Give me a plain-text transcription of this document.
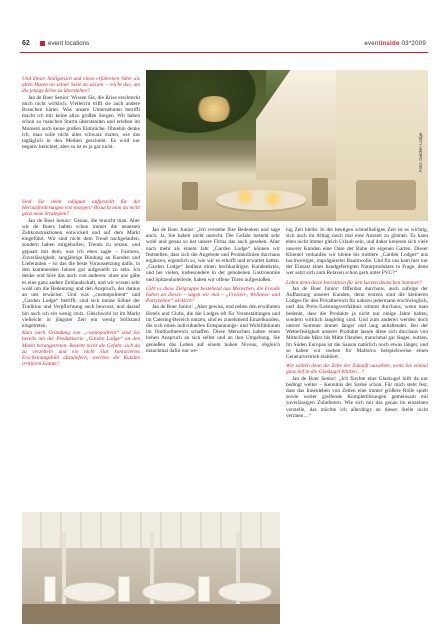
62	event locations	eventinside 03*2009
Und dieser Stallgeruch und einen erfahrenen Vater als alten Hasen an seiner Seite zu wissen – reicht das, um die jetzige Krise zu überstehen?

Jan de Boer Senior: Wissen Sie, die Krise erschreckt mich nicht wirklich. Vielleicht trifft sie auch andere Branchen härter. Was unsere Unternehmen betrifft macht ich mir keine allzu großen Sorgen. Wir haben schon so manchen Sturm überstanden und erleben im Moment auch keine großen Einbrüche. Ohnehin denke ich, man solle nicht alles schwarz malen, wie das tagtäglich in den Medien geschieht. Es wird nur negativ berichtet, aber so ist es ja gar nicht.

Sind Sie denn adäquat aufgestellt für die Herausforderungen von morgen? Braucht man da nicht ganz neue Strategien?

Jan de Boer Senior: Genau, die braucht man. Aber wir de Boers haben schon immer die neuesten Zeltkonstruktionen entwickelt und auf dem Markt eingeführt. Wir sind nicht dem Trend nachgelaufen, sondern haben mitgeholfen, Trends zu setzen, und gepaart mit dem, was ich eben sagte – Fairness, Zuverlässigkeit, langjährige Bindung an Kunden und Lieferanten – ist das die beste Voraussetzung dafür, in den kommenden Jahren gut aufgestellt zu sein. Ich denke und höre das auch von anderen: ohne uns gäbe es eine ganz andere Zeltlandschaft, und wir wissen sehr wohl um die Bedeutung und den Anspruch, der daraus an uns erwächst. Und was „cosmopolitent“ und „Garden Lodge“ betrifft, sind sich meine Söhne der Tradition und Verpflichtung auch bewusst, und darauf bin auch ich ein wenig stolz. Gleichwohl ist im Markt vielleicht in jüngster Zeit ein wenig Stillstand eingetreten.

Kurz nach Gründung von „cosmopolitent“ sind Sie bereits mit der Produktserie „Garden Lodge“ an den Markt herangetreten. Besteht nicht die Gefahr, sich da zu verzetteln und ein nicht klar konturiertes Erscheinungsbild abzuliefern, welches die Kunden irritieren könnte?
Foto: Garden Lodge

Jan de Boer Junior: „Ich verstehe Ihre Bedenken und sage auch: Ja, Sie haben nicht unrecht. Die Gefahr besteht sehr wohl und genau so hat unsere Firma das auch gesehen. Aber nach mehr als einem Jahr „Garden Lodge“ können wir feststellen, dass sich die Angebote und Produktlinien durchaus ergänzen, eigentlich so, wie wir es erhofft und erwartet hatten. „Garden Lodge“ bedient einen hochkarätigen Kundenkreis, und bei vielen, insbesondere in der gehobenen Gastronomie und Spitzenhotellerie, haben wir offene Türen aufgestoßen.

Gibt es diese Zielgruppe bestehend aus Menschen, die Freude haben an diesen – sagen wir mal – „Freizeit-, Wellness- und Partyzelten“ wirklich?

Jan de Boer Junior: „Aber gewiss, und neben den erwähnten Hotels und Clubs, die die Lodges oft für Veranstaltungen und im Catering-Bereich nutzen, sind es zunehmend Einzelkunden, die sich einen individuellen Entspannungs- und Wohlfühlraum im Outdoorbereich schaffen. Diese Menschen haben einen hohen Anspruch an sich selbst und an ihre Umgebung. Sie genießen das Leben auf einem hohen Niveau, obgleich manchmal dafür nur we-

nig Zeit bleibt. In der heutigen schnelllebigen Zeit ist es wichtig, sich auch im Alltag rasch mal eine Auszeit zu gönnen. Es kann eben nicht immer gleich Urlaub sein, und daher kreieren sich viele unserer Kunden eine Oase der Ruhe im eigenen Garten. Dieser Klientel verkaufen wir kleine bis mittlere „Garden Lodges“ aus hochwertiger, imprägnierter Baumwolle. Und für uns kam hier nur der Einsatz eines handgefertigten Naturproduktes in Frage, denn wer setzt sich zum Relaxen schon gern unter PVC?“

Lohnt denn diese Investition für den kurzen deutschen Sommer?

Jan de Boer Junior: Offenbar durchaus, auch zufolge der Auffassung unserer Kunden, denn erstens sind die kleineren Lodges für den Privatbereich für nahezu jedermann erschwinglich, und das Preis-/Leistungsverhältnis stimmt durchaus, wenn man bedenkt, dass die Produkte ja nicht nur einige Jahre halten, sondern wirklich langlebig sind. Und zum anderen werden doch unsere Sommer immer länger und lang anhaltender. Bei der Wetterfestigkeit unserer Produkte lassen diese sich durchaus von Mitte/Ende März bis Mitte Oktober, manchmal gar länger, nutzen. Im Süden Europas ist die Saison natürlich noch etwas länger, und so haben wir soeben für Mallorca beispielsweise einen Generalvertrieb etabliert.

Wie sollten denn die Zelte der Zukunft aussehen, wenn Sie einmal ganz tief in die Glaskugel blicken…?

Jan de Boer Senior: „Ich fürchte eine Glaskugel hilft da nur bedingt weiter – Kenntnis der Szene schon. Für mich steht fest, dass das Innenleben von Zelten eine immer größere Rolle spielt sowie weiter greifende Komplettlösungen gemeinsam mit zuverlässigen Zulieferern. Wie sich mir das genau im einzelnen vorstelle, das möchte ich allerdings an dieser Stelle nicht verraten…“
